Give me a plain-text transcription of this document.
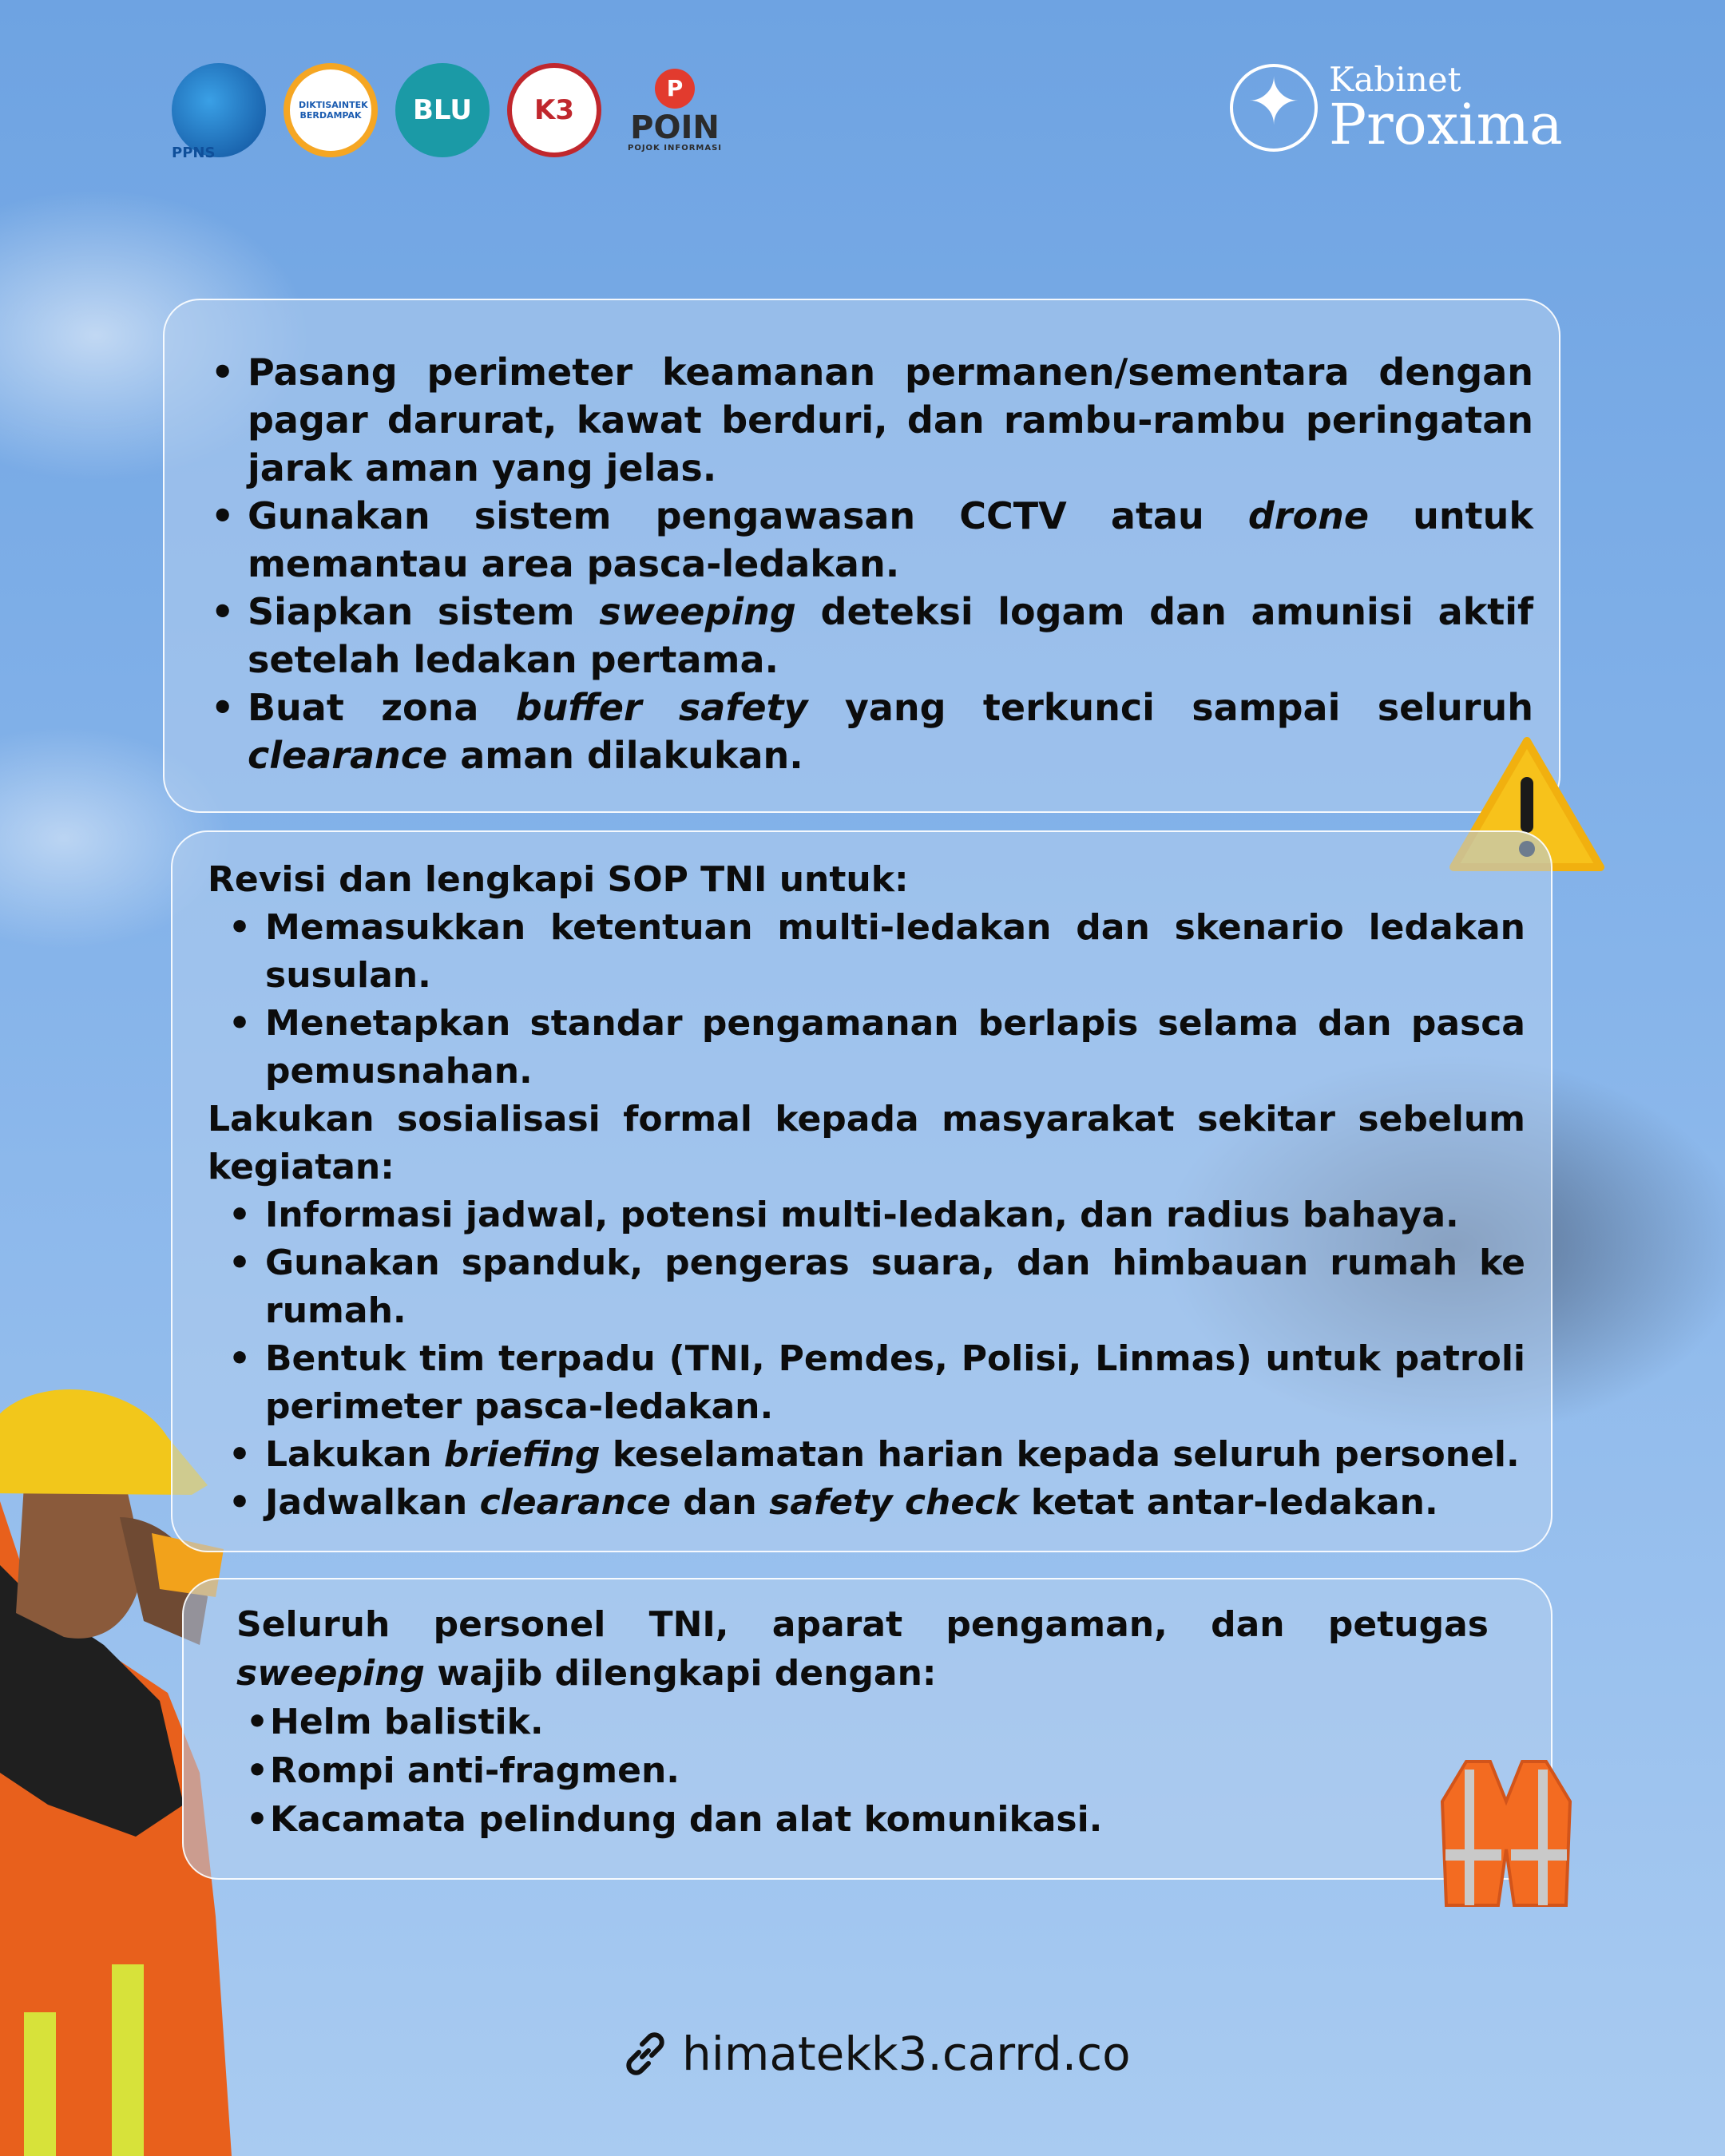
PPNS
DIKTISAINTEK BERDAMPAK BLU K3
P
POIN
POJOK INFORMASI
✦
Kabinet
Proxima
• Pasang perimeter keamanan permanen/sementara dengan pagar darurat, kawat berduri, dan rambu-rambu peringatan jarak aman yang jelas.
• Gunakan sistem pengawasan CCTV atau drone untuk memantau area pasca-ledakan.
• Siapkan sistem sweeping deteksi logam dan amunisi aktif setelah ledakan pertama.
• Buat zona buffer safety yang terkunci sampai seluruh clearance aman dilakukan.
Revisi dan lengkapi SOP TNI untuk:
• Memasukkan ketentuan multi-ledakan dan skenario ledakan susulan.
• Menetapkan standar pengamanan berlapis selama dan pasca pemusnahan.
Lakukan sosialisasi formal kepada masyarakat sekitar sebelum kegiatan:
• Informasi jadwal, potensi multi-ledakan, dan radius bahaya.
• Gunakan spanduk, pengeras suara, dan himbauan rumah ke rumah.
• Bentuk tim terpadu (TNI, Pemdes, Polisi, Linmas) untuk patroli perimeter pasca-ledakan.
• Lakukan briefing keselamatan harian kepada seluruh personel.
• Jadwalkan clearance dan safety check ketat antar-ledakan.
Seluruh personel TNI, aparat pengaman, dan petugas sweeping wajib dilengkapi dengan:
• Helm balistik.
• Rompi anti-fragmen.
• Kacamata pelindung dan alat komunikasi.
himatekk3.carrd.co
